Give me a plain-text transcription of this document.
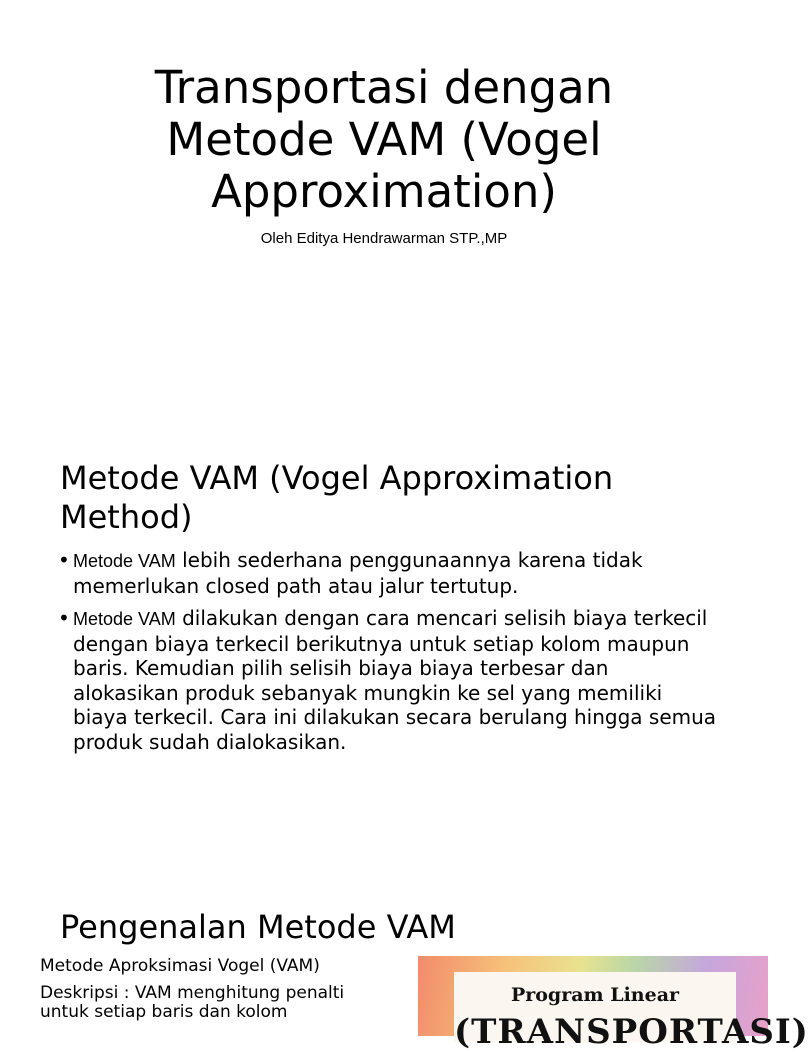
Transportasi dengan Metode VAM (Vogel Approximation)

Oleh Editya Hendrawarman STP.,MP

Metode VAM (Vogel Approximation Method)
• Metode VAM lebih sederhana penggunaannya karena tidak memerlukan closed path atau jalur tertutup.
• Metode VAM dilakukan dengan cara mencari selisih biaya terkecil dengan biaya terkecil berikutnya untuk setiap kolom maupun baris. Kemudian pilih selisih biaya biaya terbesar dan alokasikan produk sebanyak mungkin ke sel yang memiliki biaya terkecil. Cara ini dilakukan secara berulang hingga semua produk sudah dialokasikan.
Pengenalan Metode VAM

Metode Aproksimasi Vogel (VAM)

Deskripsi : VAM menghitung penalti untuk setiap baris dan kolom

Program Linear

(TRANSPORTASI)
